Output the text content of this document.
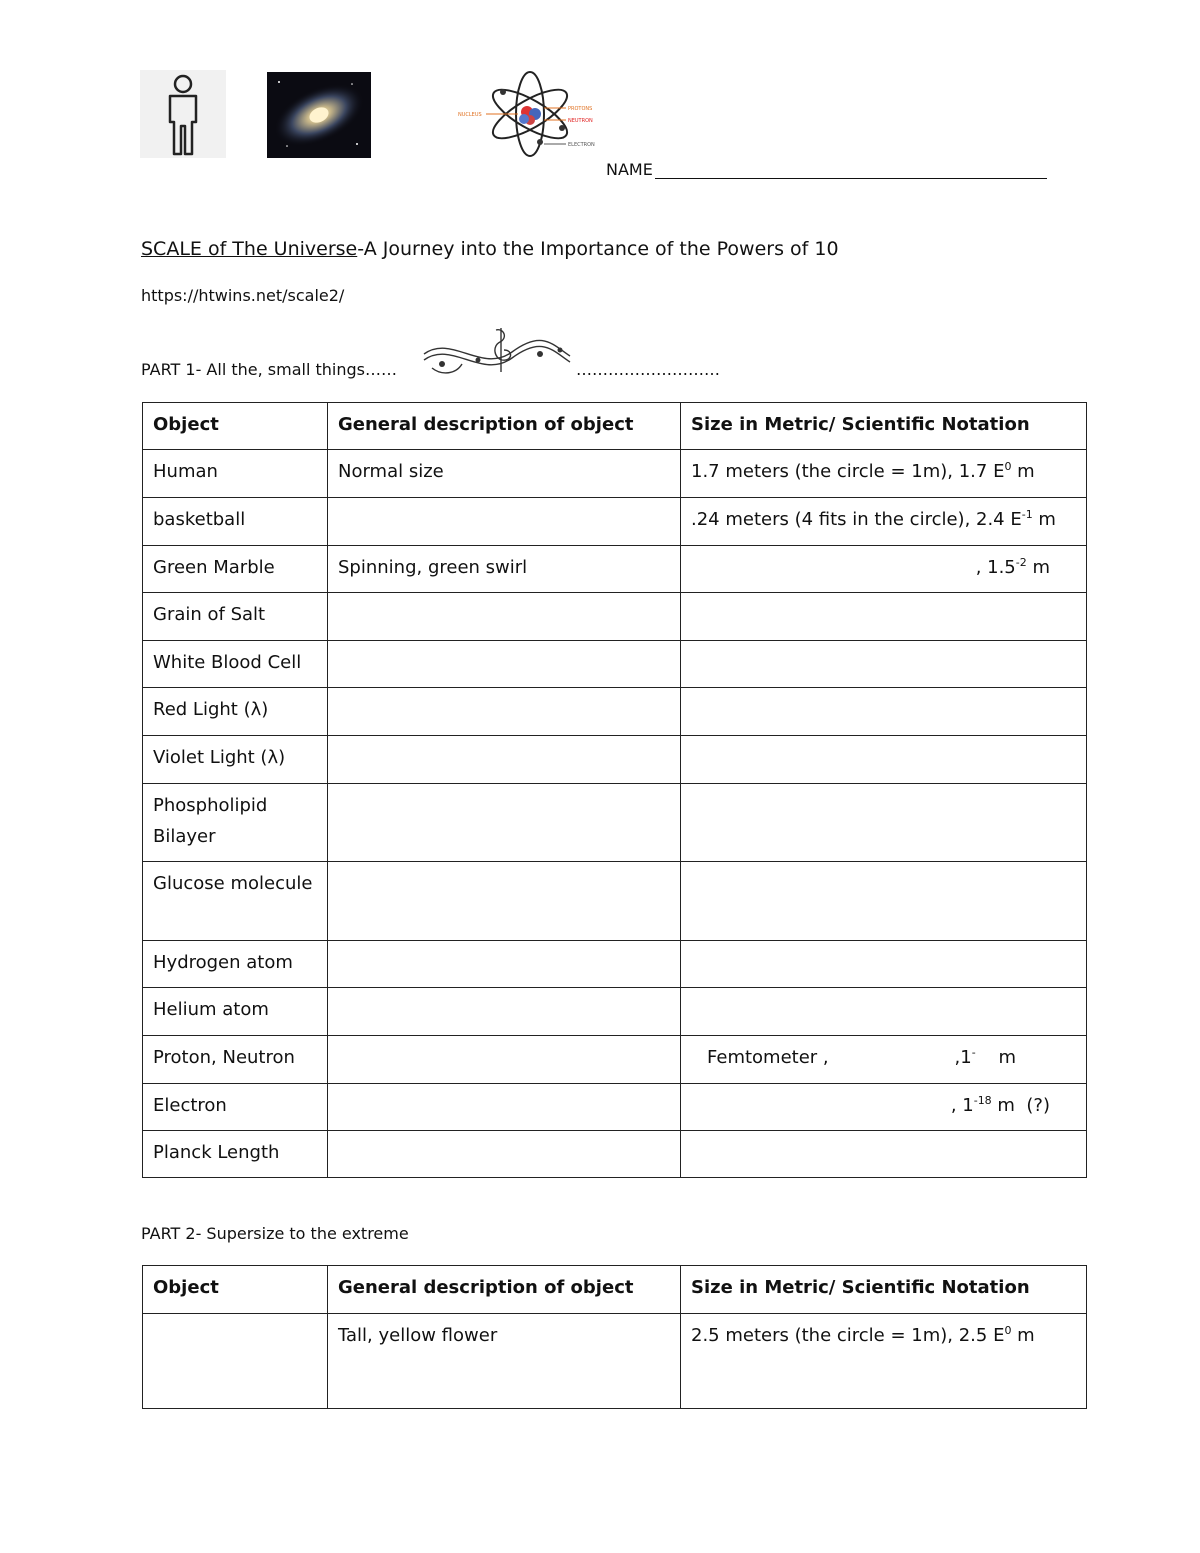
NUCLEUS
PROTONS
NEUTRON
ELECTRON
NAME
SCALE of The Universe-A Journey into the Importance of the Powers of 10
https://htwins.net/scale2/
PART 1- All the, small things……	………………………
Object	General description of object	Size in Metric/ Scientific Notation
Human	Normal size	1.7 meters (the circle = 1m), 1.7 $E^0$ m
basketball		.24 meters (4 fits in the circle), 2.4 $E^{-1}$ m
Green Marble	Spinning, green swirl	, $1.5^{-2}$ m
Grain of Salt		
White Blood Cell		
Red Light (λ)		
Violet Light (λ)		
Phospholipid Bilayer		
Glucose molecule		
Hydrogen atom		
Helium atom		
Proton, Neutron		Femtometer ,                      ,1-    m
Electron		, $1^{-18}$ m  (?)
Planck Length		
PART 2- Supersize to the extreme
Object	General description of object	Size in Metric/ Scientific Notation
	Tall, yellow flower	2.5 meters (the circle = 1m), 2.5 $E^0$ m
